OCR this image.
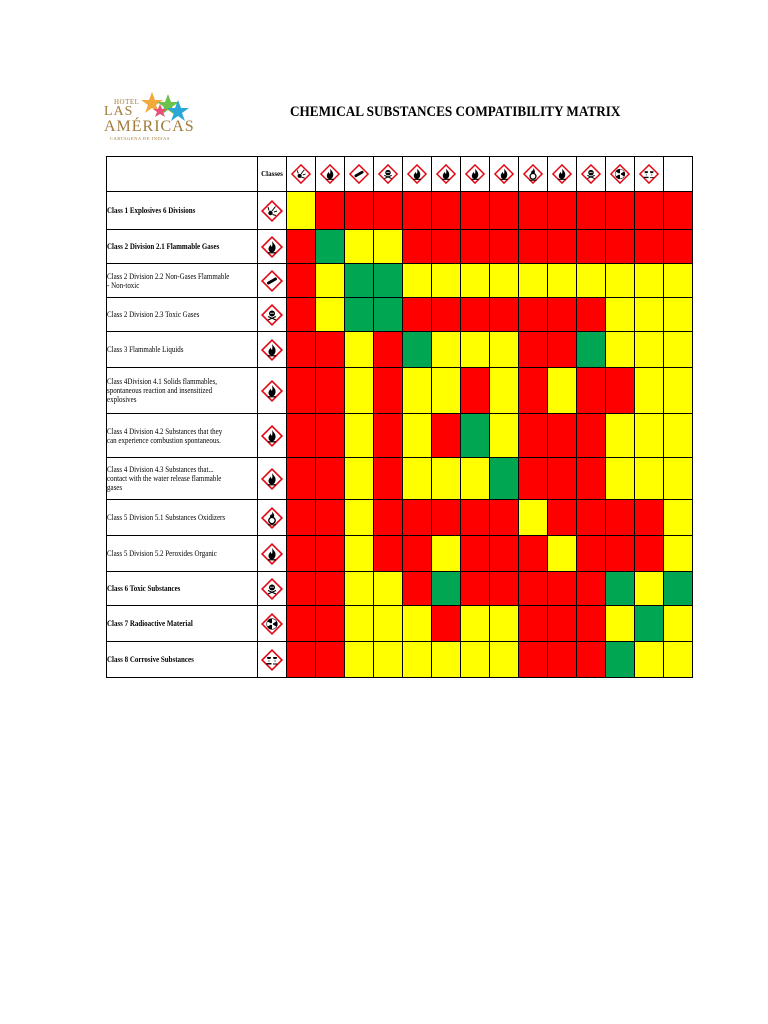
HOTEL
LAS
AMÉRICAS
CARTAGENA DE INDIAS
CHEMICAL SUBSTANCES COMPATIBILITY MATRIX
	Classes	

Class 1 Explosives 6 Divisions

Class 2 Division 2.1 Flammable Gases

Class 2 Division 2.2 Non-Gases Flammable - Non-toxic

Class 2 Division 2.3 Toxic Gases

Class 3 Flammable Liquids

Class 4Division 4.1 Solids flammables, spontaneous reaction and insensitized explosives

Class 4 Division 4.2 Substances that they can experience combustion spontaneous.

Class 4 Division 4.3 Substances that... contact with the water release flammable gases

Class 5 Division 5.1 Substances Oxidizers

Class 5 Division 5.2 Peroxides Organic

Class 6 Toxic Substances

Class 7 Radioactive Material

Class 8 Corrosive Substances
